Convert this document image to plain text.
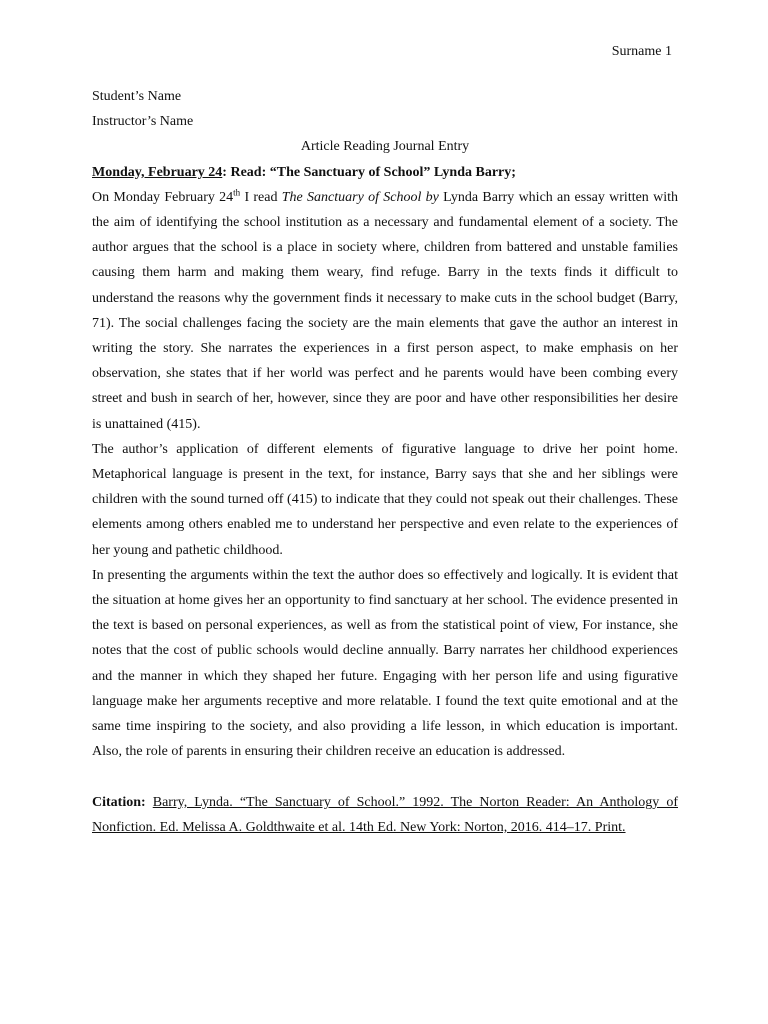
Surname 1
Student’s Name
Instructor’s Name
Article Reading Journal Entry
Monday, February 24: Read: “The Sanctuary of School” Lynda Barry;

On Monday February 24th I read The Sanctuary of School by Lynda Barry which an essay written with the aim of identifying the school institution as a necessary and fundamental element of a society. The author argues that the school is a place in society where, children from battered and unstable families causing them harm and making them weary, find refuge. Barry in the texts finds it difficult to understand the reasons why the government finds it necessary to make cuts in the school budget (Barry, 71). The social challenges facing the society are the main elements that gave the author an interest in writing the story. She narrates the experiences in a first person aspect, to make emphasis on her observation, she states that if her world was perfect and he parents would have been combing every street and bush in search of her, however, since they are poor and have other responsibilities her desire is unattained (415).

The author’s application of different elements of figurative language to drive her point home. Metaphorical language is present in the text, for instance, Barry says that she and her siblings were children with the sound turned off (415) to indicate that they could not speak out their challenges. These elements among others enabled me to understand her perspective and even relate to the experiences of her young and pathetic childhood.

In presenting the arguments within the text the author does so effectively and logically. It is evident that the situation at home gives her an opportunity to find sanctuary at her school. The evidence presented in the text is based on personal experiences, as well as from the statistical point of view, For instance, she notes that the cost of public schools would decline annually. Barry narrates her childhood experiences and the manner in which they shaped her future. Engaging with her person life and using figurative language make her arguments receptive and more relatable. I found the text quite emotional and at the same time inspiring to the society, and also providing a life lesson, in which education is important. Also, the role of parents in ensuring their children receive an education is addressed.

Citation: Barry, Lynda. “The Sanctuary of School.” 1992. The Norton Reader: An Anthology of Nonfiction. Ed. Melissa A. Goldthwaite et al. 14th Ed. New York: Norton, 2016. 414–17. Print.
